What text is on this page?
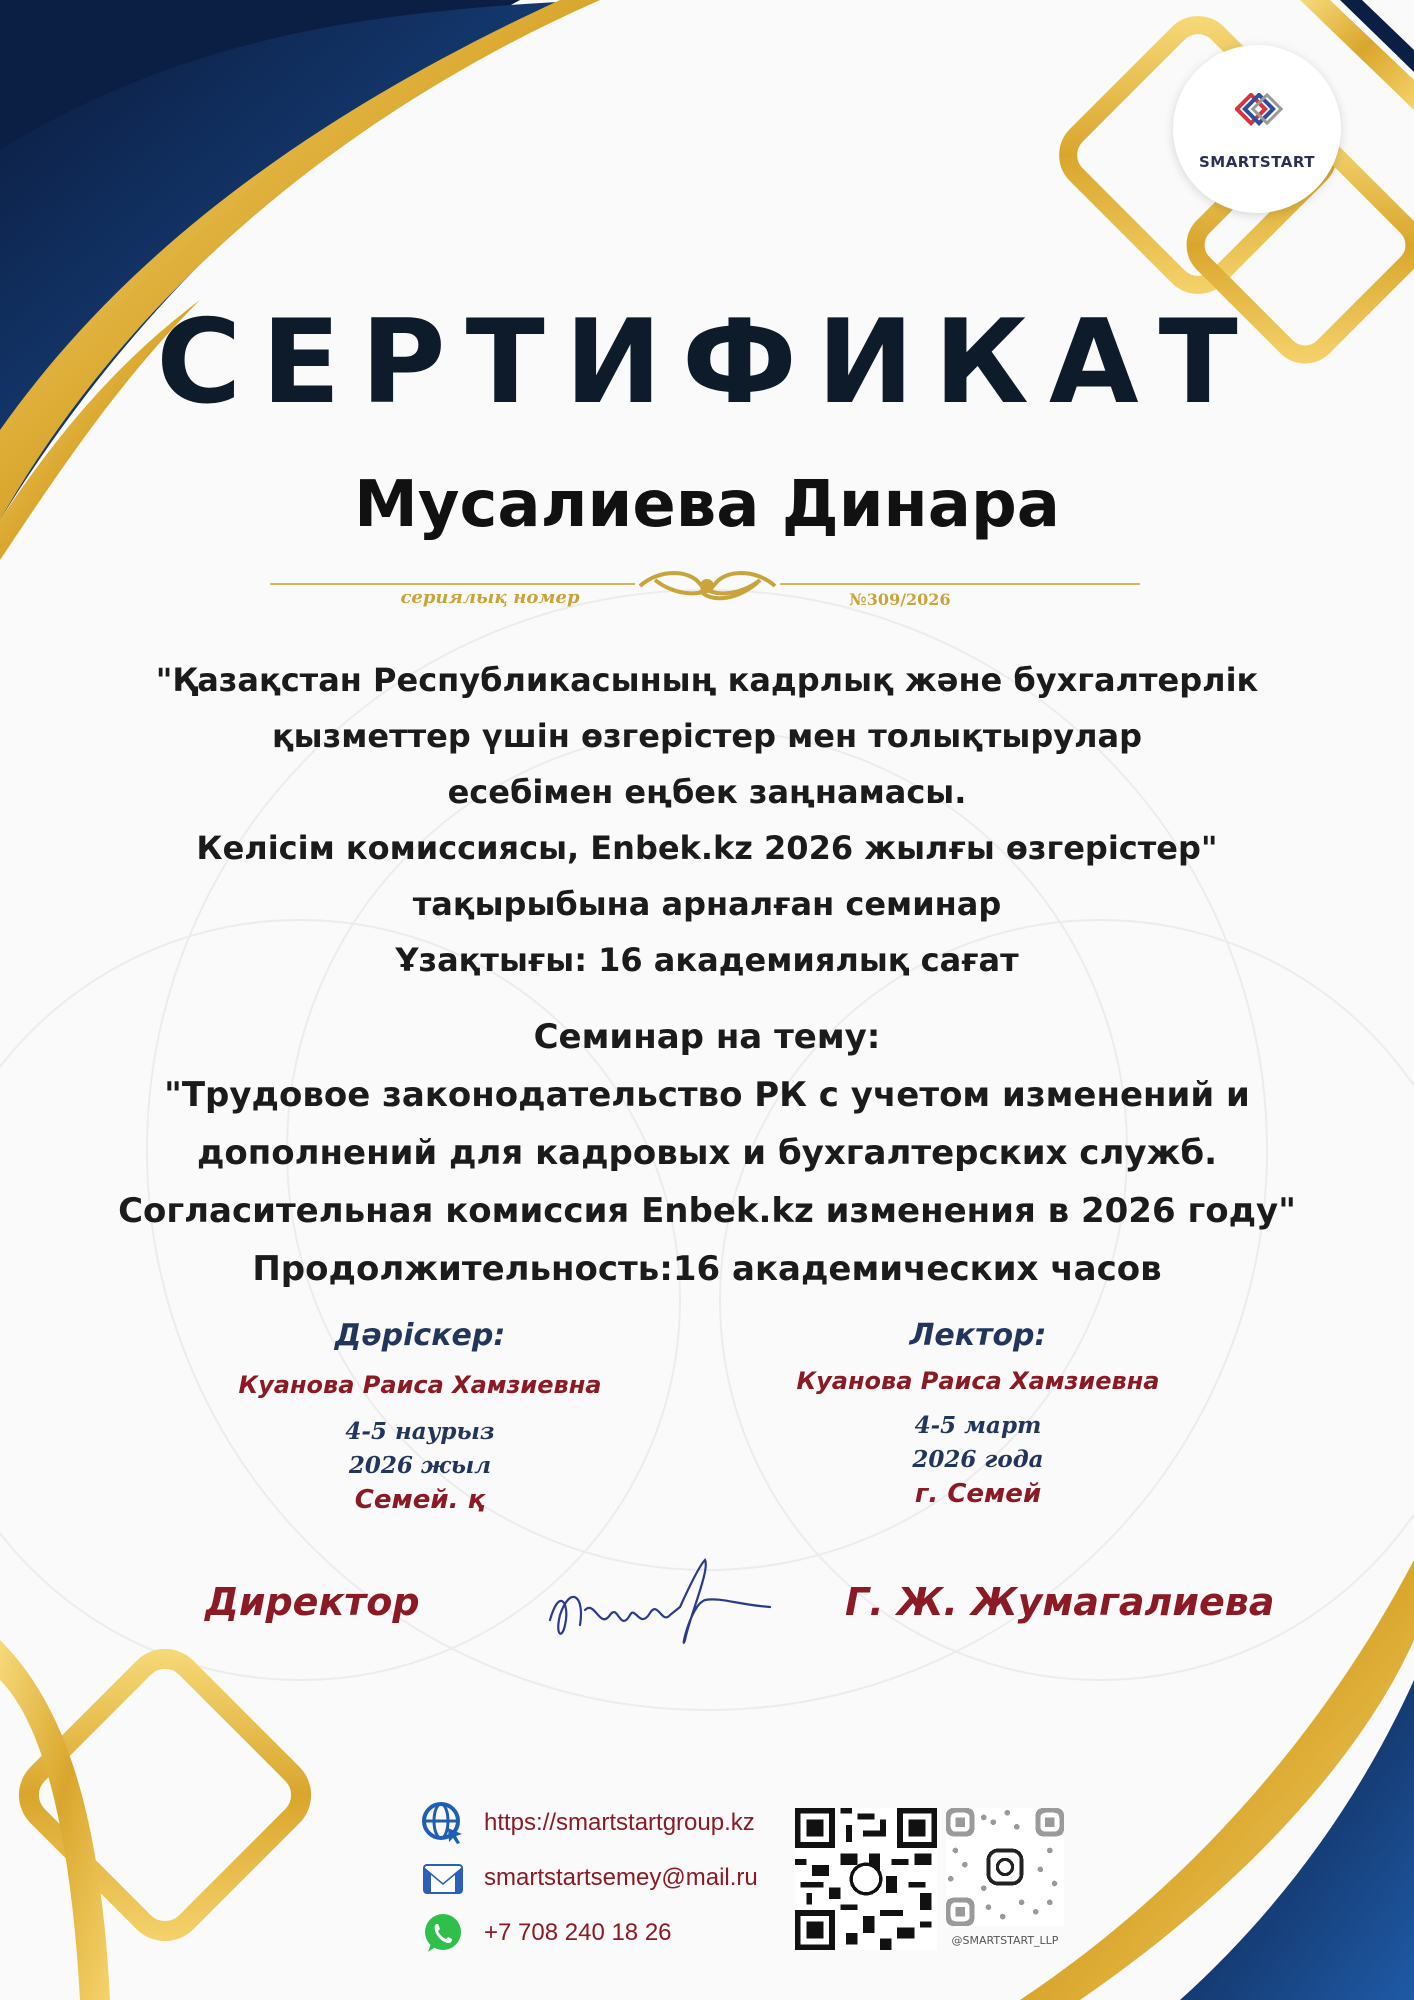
SMARTSTART
СЕРТИФИКАТ
Мусалиева Динара
сериялық номер	№309/2026
"Қазақстан Республикасының кадрлық және бухгалтерлік
қызметтер үшін өзгерістер мен толықтырулар
есебімен еңбек заңнамасы.
Келісім комиссиясы, Enbek.kz 2026 жылғы өзгерістер"
тақырыбына арналған семинар
Ұзақтығы: 16 академиялық сағат
Семинар на тему:
"Трудовое законодательство РК с учетом изменений и
дополнений для кадровых и бухгалтерских служб.
Согласительная комиссия Enbek.kz изменения в 2026 году"
Продолжительность:16 академических часов
Дәрiскер:
Куанова Раиса Хамзиевна
4-5 наурыз
2026 жыл
Семей. қ
Лектор:
Куанова Раиса Хамзиевна
4-5 март
2026 года
г. Семей
Директор	Г. Ж. Жумагалиева
https://smartstartgroup.kz
smartstartsemey@mail.ru
+7 708 240 18 26	@SMARTSTART_LLP
